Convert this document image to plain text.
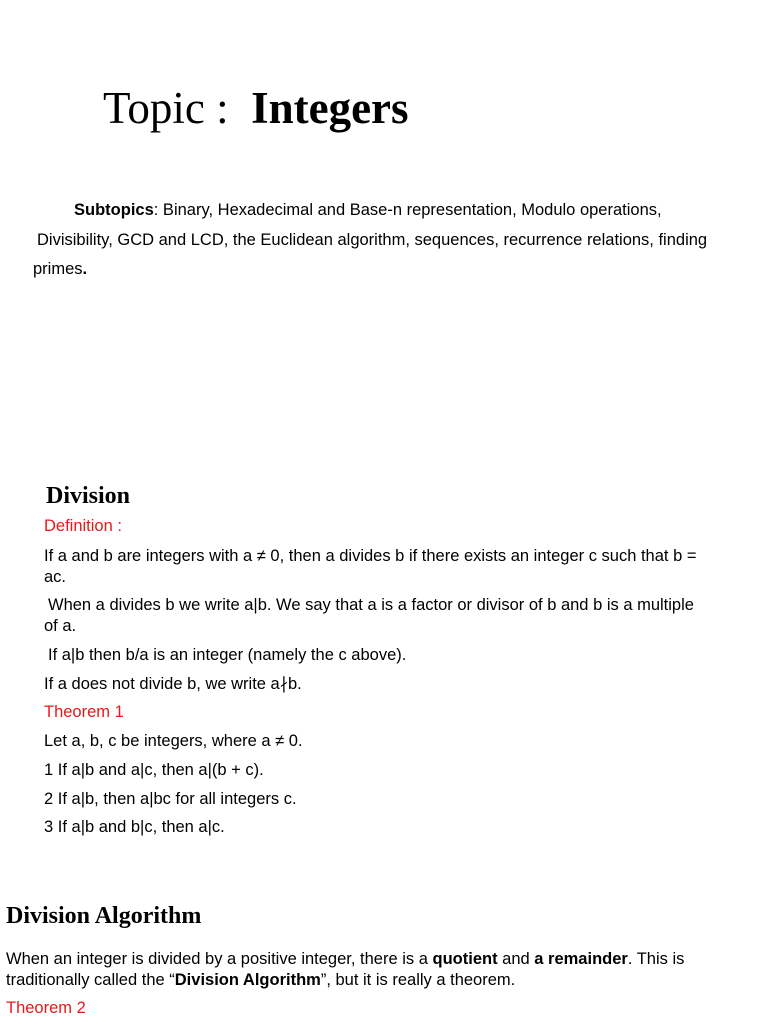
Topic : Integers

Subtopics: Binary, Hexadecimal and Base-n representation, Modulo operations,

Divisibility, GCD and LCD, the Euclidean algorithm, sequences, recurrence relations, finding

primes.

Division
Definition :
If a and b are integers with a ≠ 0, then a divides b if there exists an integer c such that b =
ac.
When a divides b we write a|b. We say that a is a factor or divisor of b and b is a multiple
of a.
If a|b then b/a is an integer (namely the c above).
If a does not divide b, we write a∤b.
Theorem 1
Let a, b, c be integers, where a ≠ 0.
1 If a|b and a|c, then a|(b + c).
2 If a|b, then a|bc for all integers c.
3 If a|b and b|c, then a|c.
Division Algorithm
When an integer is divided by a positive integer, there is a quotient and a remainder. This is
traditionally called the “Division Algorithm”, but it is really a theorem.
Theorem 2
